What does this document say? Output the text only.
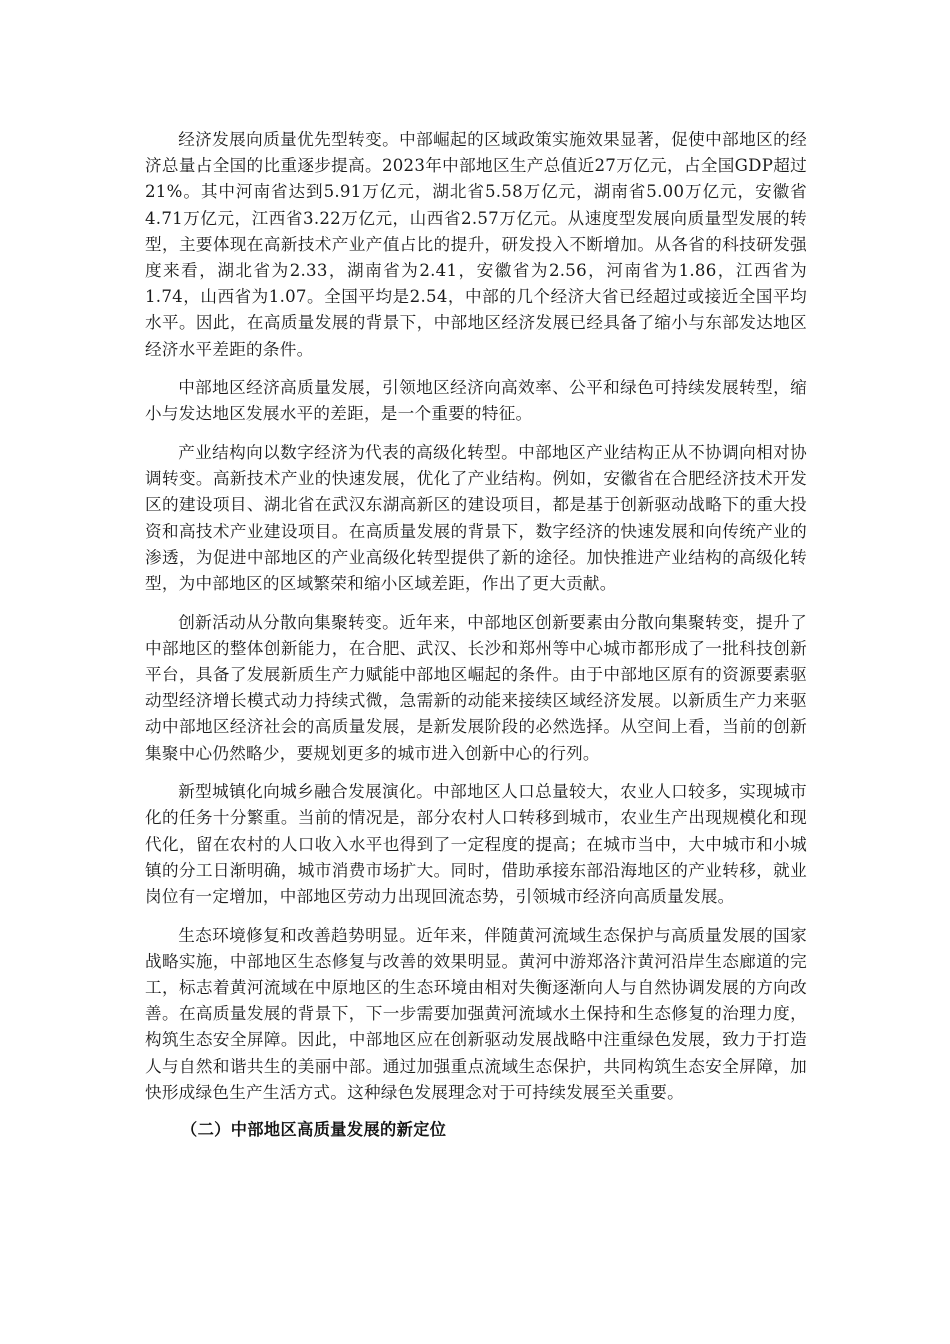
经济发展向质量优先型转变。中部崛起的区域政策实施效果显著，促使中部地区的经济总量占全国的比重逐步提高。2023年中部地区生产总值近27万亿元，占全国GDP超过21%。其中河南省达到5.91万亿元，湖北省5.58万亿元，湖南省5.00万亿元，安徽省4.71万亿元，江西省3.22万亿元，山西省2.57万亿元。从速度型发展向质量型发展的转型，主要体现在高新技术产业产值占比的提升，研发投入不断增加。从各省的科技研发强度来看，湖北省为2.33，湖南省为2.41，安徽省为2.56，河南省为1.86，江西省为1.74，山西省为1.07。全国平均是2.54，中部的几个经济大省已经超过或接近全国平均水平。因此，在高质量发展的背景下，中部地区经济发展已经具备了缩小与东部发达地区经济水平差距的条件。

中部地区经济高质量发展，引领地区经济向高效率、公平和绿色可持续发展转型，缩小与发达地区发展水平的差距，是一个重要的特征。

产业结构向以数字经济为代表的高级化转型。中部地区产业结构正从不协调向相对协调转变。高新技术产业的快速发展，优化了产业结构。例如，安徽省在合肥经济技术开发区的建设项目、湖北省在武汉东湖高新区的建设项目，都是基于创新驱动战略下的重大投资和高技术产业建设项目。在高质量发展的背景下，数字经济的快速发展和向传统产业的渗透，为促进中部地区的产业高级化转型提供了新的途径。加快推进产业结构的高级化转型，为中部地区的区域繁荣和缩小区域差距，作出了更大贡献。

创新活动从分散向集聚转变。近年来，中部地区创新要素由分散向集聚转变，提升了中部地区的整体创新能力，在合肥、武汉、长沙和郑州等中心城市都形成了一批科技创新平台，具备了发展新质生产力赋能中部地区崛起的条件。由于中部地区原有的资源要素驱动型经济增长模式动力持续式微，急需新的动能来接续区域经济发展。以新质生产力来驱动中部地区经济社会的高质量发展，是新发展阶段的必然选择。从空间上看，当前的创新集聚中心仍然略少，要规划更多的城市进入创新中心的行列。

新型城镇化向城乡融合发展演化。中部地区人口总量较大，农业人口较多，实现城市化的任务十分繁重。当前的情况是，部分农村人口转移到城市，农业生产出现规模化和现代化，留在农村的人口收入水平也得到了一定程度的提高；在城市当中，大中城市和小城镇的分工日渐明确，城市消费市场扩大。同时，借助承接东部沿海地区的产业转移，就业岗位有一定增加，中部地区劳动力出现回流态势，引领城市经济向高质量发展。

生态环境修复和改善趋势明显。近年来，伴随黄河流域生态保护与高质量发展的国家战略实施，中部地区生态修复与改善的效果明显。黄河中游郑洛汴黄河沿岸生态廊道的完工，标志着黄河流域在中原地区的生态环境由相对失衡逐渐向人与自然协调发展的方向改善。在高质量发展的背景下，下一步需要加强黄河流域水土保持和生态修复的治理力度，构筑生态安全屏障。因此，中部地区应在创新驱动发展战略中注重绿色发展，致力于打造人与自然和谐共生的美丽中部。通过加强重点流域生态保护，共同构筑生态安全屏障，加快形成绿色生产生活方式。这种绿色发展理念对于可持续发展至关重要。

（二）中部地区高质量发展的新定位
